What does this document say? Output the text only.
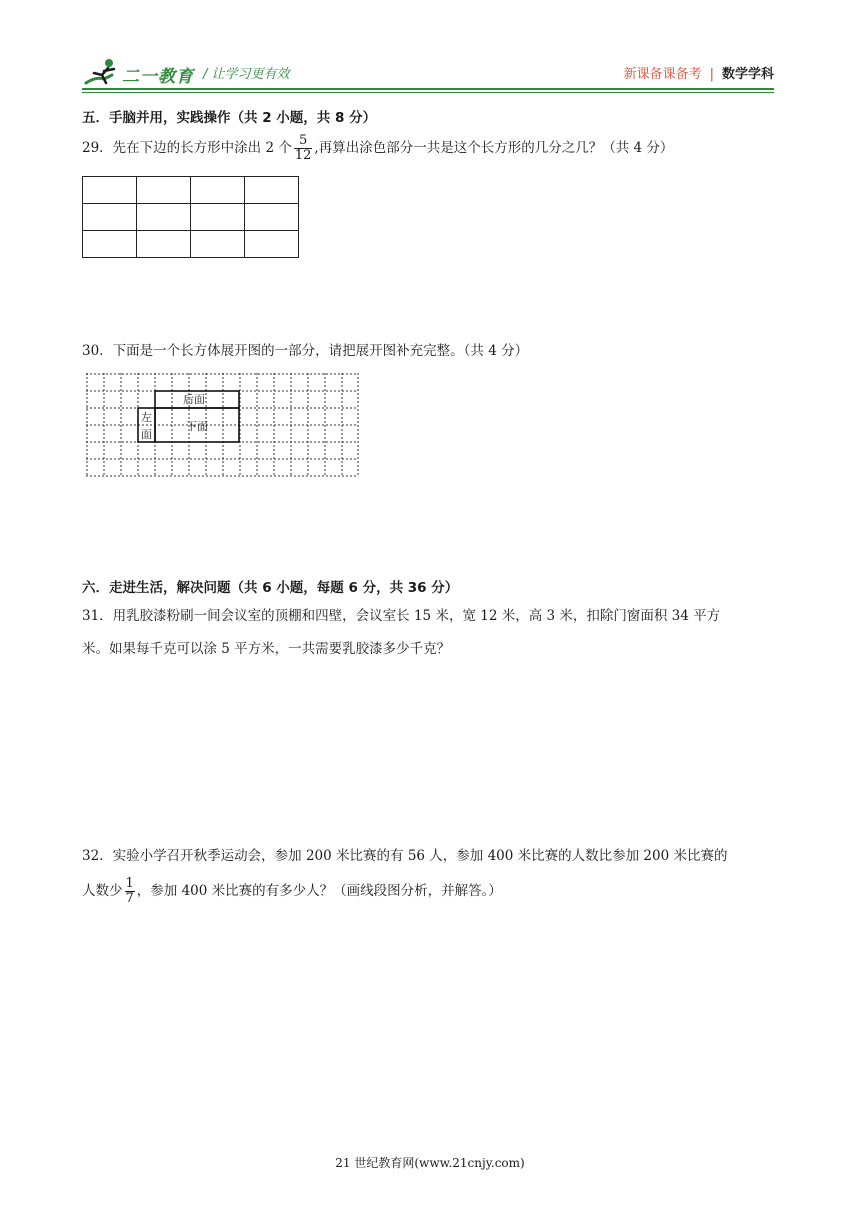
二一教育 / 让学习更有效	新课备课备考 | 数学学科
五．手脑并用，实践操作（共 2 小题，共 8 分）
29．先在下边的长方形中涂出 2 个 $\frac{5}{12}$ ,再算出涂色部分一共是这个长方形的几分之几？（共 4 分）

30．下面是一个长方体展开图的一部分，请把展开图补充完整。（共 4 分）
后面
左
面
下面
六．走进生活，解决问题（共 6 小题，每题 6 分，共 36 分）
31．用乳胶漆粉刷一间会议室的顶棚和四壁，会议室长 15 米，宽 12 米，高 3 米，扣除门窗面积 34 平方
米。如果每千克可以涂 5 平方米，一共需要乳胶漆多少千克？
32．实验小学召开秋季运动会，参加 200 米比赛的有 56 人，参加 400 米比赛的人数比参加 200 米比赛的
人数少 $\frac{1}{7}$ ，参加 400 米比赛的有多少人？（画线段图分析，并解答。）
21 世纪教育网(www.21cnjy.com)
